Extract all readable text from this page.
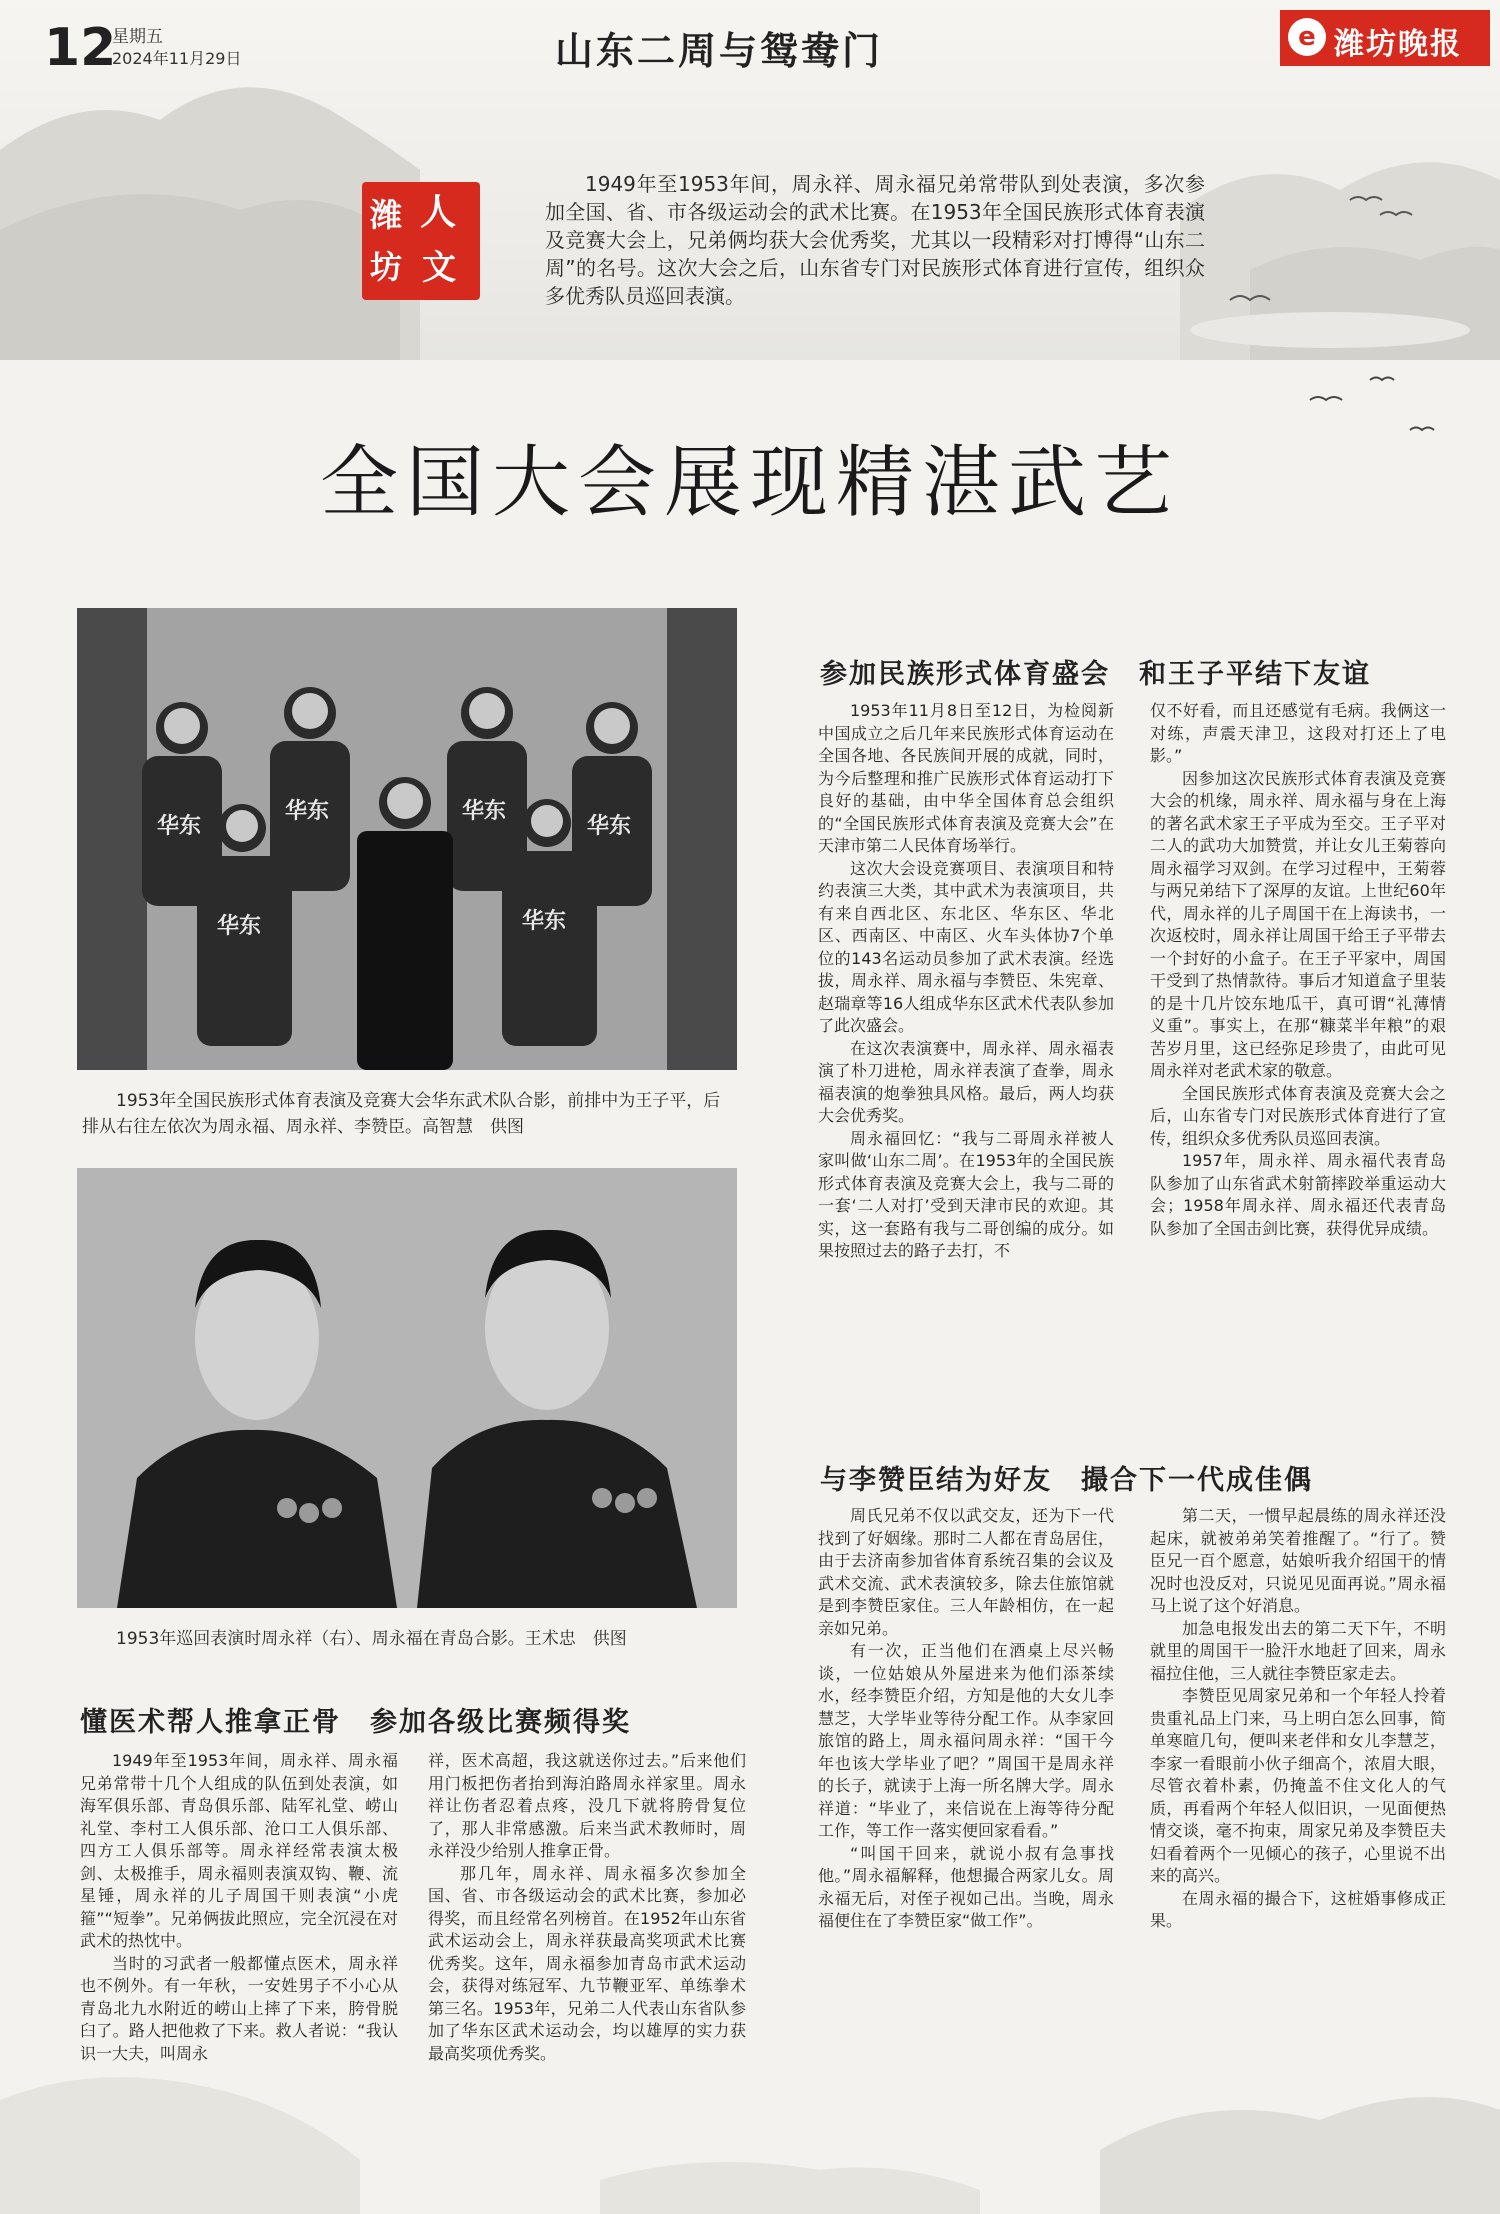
12
星期五
2024年11月29日	山东二周与鸳鸯门	e 潍坊晚报
潍 人
坊 文
1949年至1953年间，周永祥、周永福兄弟常带队到处表演，多次参加全国、省、市各级运动会的武术比赛。在1953年全国民族形式体育表演及竞赛大会上，兄弟俩均获大会优秀奖，尤其以一段精彩对打博得“山东二周”的名号。这次大会之后，山东省专门对民族形式体育进行宣传，组织众多优秀队员巡回表演。
全国大会展现精湛武艺
华东
华东	华东
华东
华东	华东
1953年全国民族形式体育表演及竞赛大会华东武术队合影，前排中为王子平，后排从右往左依次为周永福、周永祥、李赞臣。高智慧　供图
1953年巡回表演时周永祥（右）、周永福在青岛合影。王术忠　供图
参加民族形式体育盛会　和王子平结下友谊

1953年11月8日至12日，为检阅新中国成立之后几年来民族形式体育运动在全国各地、各民族间开展的成就，同时，为今后整理和推广民族形式体育运动打下良好的基础，由中华全国体育总会组织的“全国民族形式体育表演及竞赛大会”在天津市第二人民体育场举行。

这次大会设竞赛项目、表演项目和特约表演三大类，其中武术为表演项目，共有来自西北区、东北区、华东区、华北区、西南区、中南区、火车头体协7个单位的143名运动员参加了武术表演。经选拔，周永祥、周永福与李赞臣、朱宪章、赵瑞章等16人组成华东区武术代表队参加了此次盛会。

在这次表演赛中，周永祥、周永福表演了朴刀进枪，周永祥表演了查拳，周永福表演的炮拳独具风格。最后，两人均获大会优秀奖。

周永福回忆：“我与二哥周永祥被人家叫做‘山东二周’。在1953年的全国民族形式体育表演及竞赛大会上，我与二哥的一套‘二人对打’受到天津市民的欢迎。其实，这一套路有我与二哥创编的成分。如果按照过去的路子去打，不

仅不好看，而且还感觉有毛病。我俩这一对练，声震天津卫，这段对打还上了电影。”

因参加这次民族形式体育表演及竞赛大会的机缘，周永祥、周永福与身在上海的著名武术家王子平成为至交。王子平对二人的武功大加赞赏，并让女儿王菊蓉向周永福学习双剑。在学习过程中，王菊蓉与两兄弟结下了深厚的友谊。上世纪60年代，周永祥的儿子周国干在上海读书，一次返校时，周永祥让周国干给王子平带去一个封好的小盒子。在王子平家中，周国干受到了热情款待。事后才知道盒子里装的是十几片饺东地瓜干，真可谓“礼薄情义重”。事实上，在那“糠菜半年粮”的艰苦岁月里，这已经弥足珍贵了，由此可见周永祥对老武术家的敬意。

全国民族形式体育表演及竞赛大会之后，山东省专门对民族形式体育进行了宣传，组织众多优秀队员巡回表演。

1957年，周永祥、周永福代表青岛队参加了山东省武术射箭摔跤举重运动大会；1958年周永祥、周永福还代表青岛队参加了全国击剑比赛，获得优异成绩。

与李赞臣结为好友　撮合下一代成佳偶

周氏兄弟不仅以武交友，还为下一代找到了好姻缘。那时二人都在青岛居住，由于去济南参加省体育系统召集的会议及武术交流、武术表演较多，除去住旅馆就是到李赞臣家住。三人年龄相仿，在一起亲如兄弟。

有一次，正当他们在酒桌上尽兴畅谈，一位姑娘从外屋进来为他们添茶续水，经李赞臣介绍，方知是他的大女儿李慧芝，大学毕业等待分配工作。从李家回旅馆的路上，周永福问周永祥：“国干今年也该大学毕业了吧？”周国干是周永祥的长子，就读于上海一所名牌大学。周永祥道：“毕业了，来信说在上海等待分配工作，等工作一落实便回家看看。”

“叫国干回来，就说小叔有急事找他。”周永福解释，他想撮合两家儿女。周永福无后，对侄子视如己出。当晚，周永福便住在了李赞臣家“做工作”。

第二天，一惯早起晨练的周永祥还没起床，就被弟弟笑着推醒了。“行了。赞臣兄一百个愿意，姑娘听我介绍国干的情况时也没反对，只说见见面再说。”周永福马上说了这个好消息。

加急电报发出去的第二天下午，不明就里的周国干一脸汗水地赶了回来，周永福拉住他，三人就往李赞臣家走去。

李赞臣见周家兄弟和一个年轻人拎着贵重礼品上门来，马上明白怎么回事，简单寒暄几句，便叫来老伴和女儿李慧芝，李家一看眼前小伙子细高个，浓眉大眼，尽管衣着朴素，仍掩盖不住文化人的气质，再看两个年轻人似旧识，一见面便热情交谈，毫不拘束，周家兄弟及李赞臣夫妇看着两个一见倾心的孩子，心里说不出来的高兴。

在周永福的撮合下，这桩婚事修成正果。

懂医术帮人推拿正骨　参加各级比赛频得奖

1949年至1953年间，周永祥、周永福兄弟常带十几个人组成的队伍到处表演，如海军俱乐部、青岛俱乐部、陆军礼堂、崂山礼堂、李村工人俱乐部、沧口工人俱乐部、四方工人俱乐部等。周永祥经常表演太极剑、太极推手，周永福则表演双钩、鞭、流星锤，周永祥的儿子周国干则表演“小虎箍”“短拳”。兄弟俩拔此照应，完全沉浸在对武术的热忱中。

当时的习武者一般都懂点医术，周永祥也不例外。有一年秋，一安姓男子不小心从青岛北九水附近的崂山上摔了下来，胯骨脱臼了。路人把他救了下来。救人者说：“我认识一大夫，叫周永

祥，医术高超，我这就送你过去。”后来他们用门板把伤者抬到海泊路周永祥家里。周永祥让伤者忍着点疼，没几下就将胯骨复位了，那人非常感激。后来当武术教师时，周永祥没少给别人推拿正骨。

那几年，周永祥、周永福多次参加全国、省、市各级运动会的武术比赛，参加必得奖，而且经常名列榜首。在1952年山东省武术运动会上，周永祥获最高奖项武术比赛优秀奖。这年，周永福参加青岛市武术运动会，获得对练冠军、九节鞭亚军、单练拳术第三名。1953年，兄弟二人代表山东省队参加了华东区武术运动会，均以雄厚的实力获最高奖项优秀奖。
